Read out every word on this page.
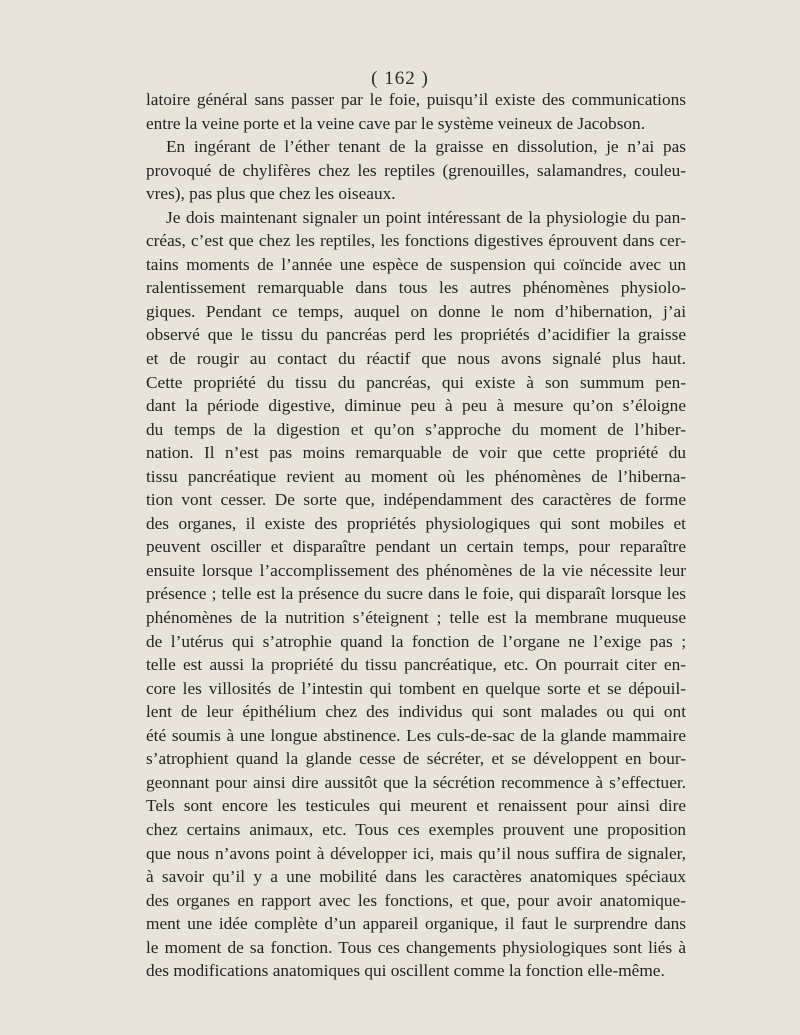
( 162 )
latoire général sans passer par le foie, puisqu’il existe des communications
entre la veine porte et la veine cave par le système veineux de Jacobson.
En ingérant de l’éther tenant de la graisse en dissolution, je n’ai pas
provoqué de chylifères chez les reptiles (grenouilles, salamandres, couleu-
vres), pas plus que chez les oiseaux.
Je dois maintenant signaler un point intéressant de la physiologie du pan-
créas, c’est que chez les reptiles, les fonctions digestives éprouvent dans cer-
tains moments de l’année une espèce de suspension qui coïncide avec un
ralentissement remarquable dans tous les autres phénomènes physiolo-
giques. Pendant ce temps, auquel on donne le nom d’hibernation, j’ai
observé que le tissu du pancréas perd les propriétés d’acidifier la graisse
et de rougir au contact du réactif que nous avons signalé plus haut.
Cette propriété du tissu du pancréas, qui existe à son summum pen-
dant la période digestive, diminue peu à peu à mesure qu’on s’éloigne
du temps de la digestion et qu’on s’approche du moment de l’hiber-
nation. Il n’est pas moins remarquable de voir que cette propriété du
tissu pancréatique revient au moment où les phénomènes de l’hiberna-
tion vont cesser. De sorte que, indépendamment des caractères de forme
des organes, il existe des propriétés physiologiques qui sont mobiles et
peuvent osciller et disparaître pendant un certain temps, pour reparaître
ensuite lorsque l’accomplissement des phénomènes de la vie nécessite leur
présence ; telle est la présence du sucre dans le foie, qui disparaît lorsque les
phénomènes de la nutrition s’éteignent ; telle est la membrane muqueuse
de l’utérus qui s’atrophie quand la fonction de l’organe ne l’exige pas ;
telle est aussi la propriété du tissu pancréatique, etc. On pourrait citer en-
core les villosités de l’intestin qui tombent en quelque sorte et se dépouil-
lent de leur épithélium chez des individus qui sont malades ou qui ont
été soumis à une longue abstinence. Les culs-de-sac de la glande mammaire
s’atrophient quand la glande cesse de sécréter, et se développent en bour-
geonnant pour ainsi dire aussitôt que la sécrétion recommence à s’effectuer.
Tels sont encore les testicules qui meurent et renaissent pour ainsi dire
chez certains animaux, etc. Tous ces exemples prouvent une proposition
que nous n’avons point à développer ici, mais qu’il nous suffira de signaler,
à savoir qu’il y a une mobilité dans les caractères anatomiques spéciaux
des organes en rapport avec les fonctions, et que, pour avoir anatomique-
ment une idée complète d’un appareil organique, il faut le surprendre dans
le moment de sa fonction. Tous ces changements physiologiques sont liés à
des modifications anatomiques qui oscillent comme la fonction elle-même.
